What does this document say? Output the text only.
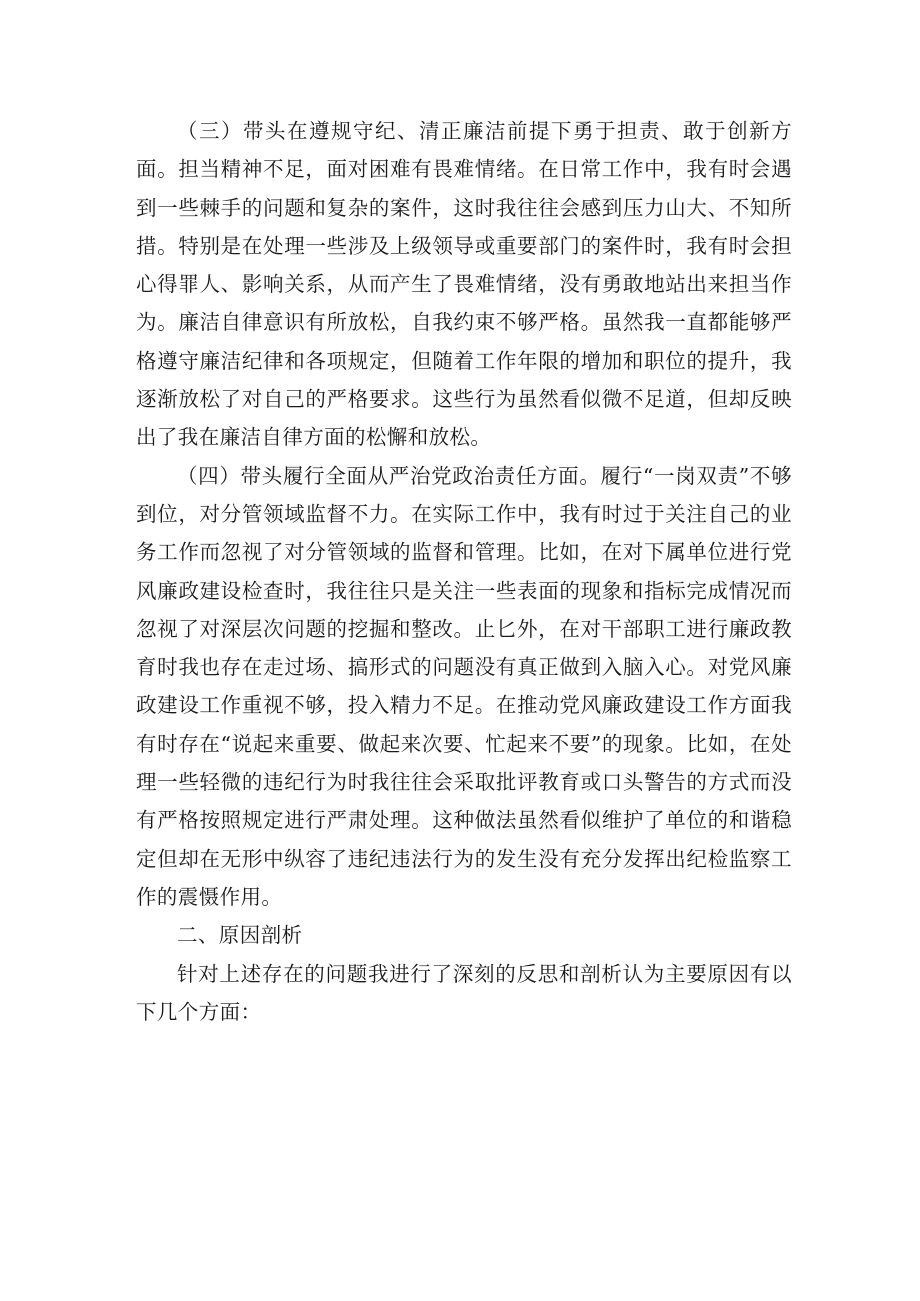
（三）带头在遵规守纪、清正廉洁前提下勇于担责、敢于创新方面。担当精神不足，面对困难有畏难情绪。在日常工作中，我有时会遇到一些棘手的问题和复杂的案件，这时我往往会感到压力山大、不知所措。特别是在处理一些涉及上级领导或重要部门的案件时，我有时会担心得罪人、影响关系，从而产生了畏难情绪，没有勇敢地站出来担当作为。廉洁自律意识有所放松，自我约束不够严格。虽然我一直都能够严格遵守廉洁纪律和各项规定，但随着工作年限的增加和职位的提升，我逐渐放松了对自己的严格要求。这些行为虽然看似微不足道，但却反映出了我在廉洁自律方面的松懈和放松。

（四）带头履行全面从严治党政治责任方面。履行“一岗双责”不够到位，对分管领域监督不力。在实际工作中，我有时过于关注自己的业务工作而忽视了对分管领域的监督和管理。比如，在对下属单位进行党风廉政建设检查时，我往往只是关注一些表面的现象和指标完成情况而忽视了对深层次问题的挖掘和整改。止匕外，在对干部职工进行廉政教育时我也存在走过场、搞形式的问题没有真正做到入脑入心。对党风廉政建设工作重视不够，投入精力不足。在推动党风廉政建设工作方面我有时存在“说起来重要、做起来次要、忙起来不要”的现象。比如，在处理一些轻微的违纪行为时我往往会采取批评教育或口头警告的方式而没有严格按照规定进行严肃处理。这种做法虽然看似维护了单位的和谐稳定但却在无形中纵容了违纪违法行为的发生没有充分发挥出纪检监察工作的震慑作用。

二、原因剖析

针对上述存在的问题我进行了深刻的反思和剖析认为主要原因有以下几个方面：
